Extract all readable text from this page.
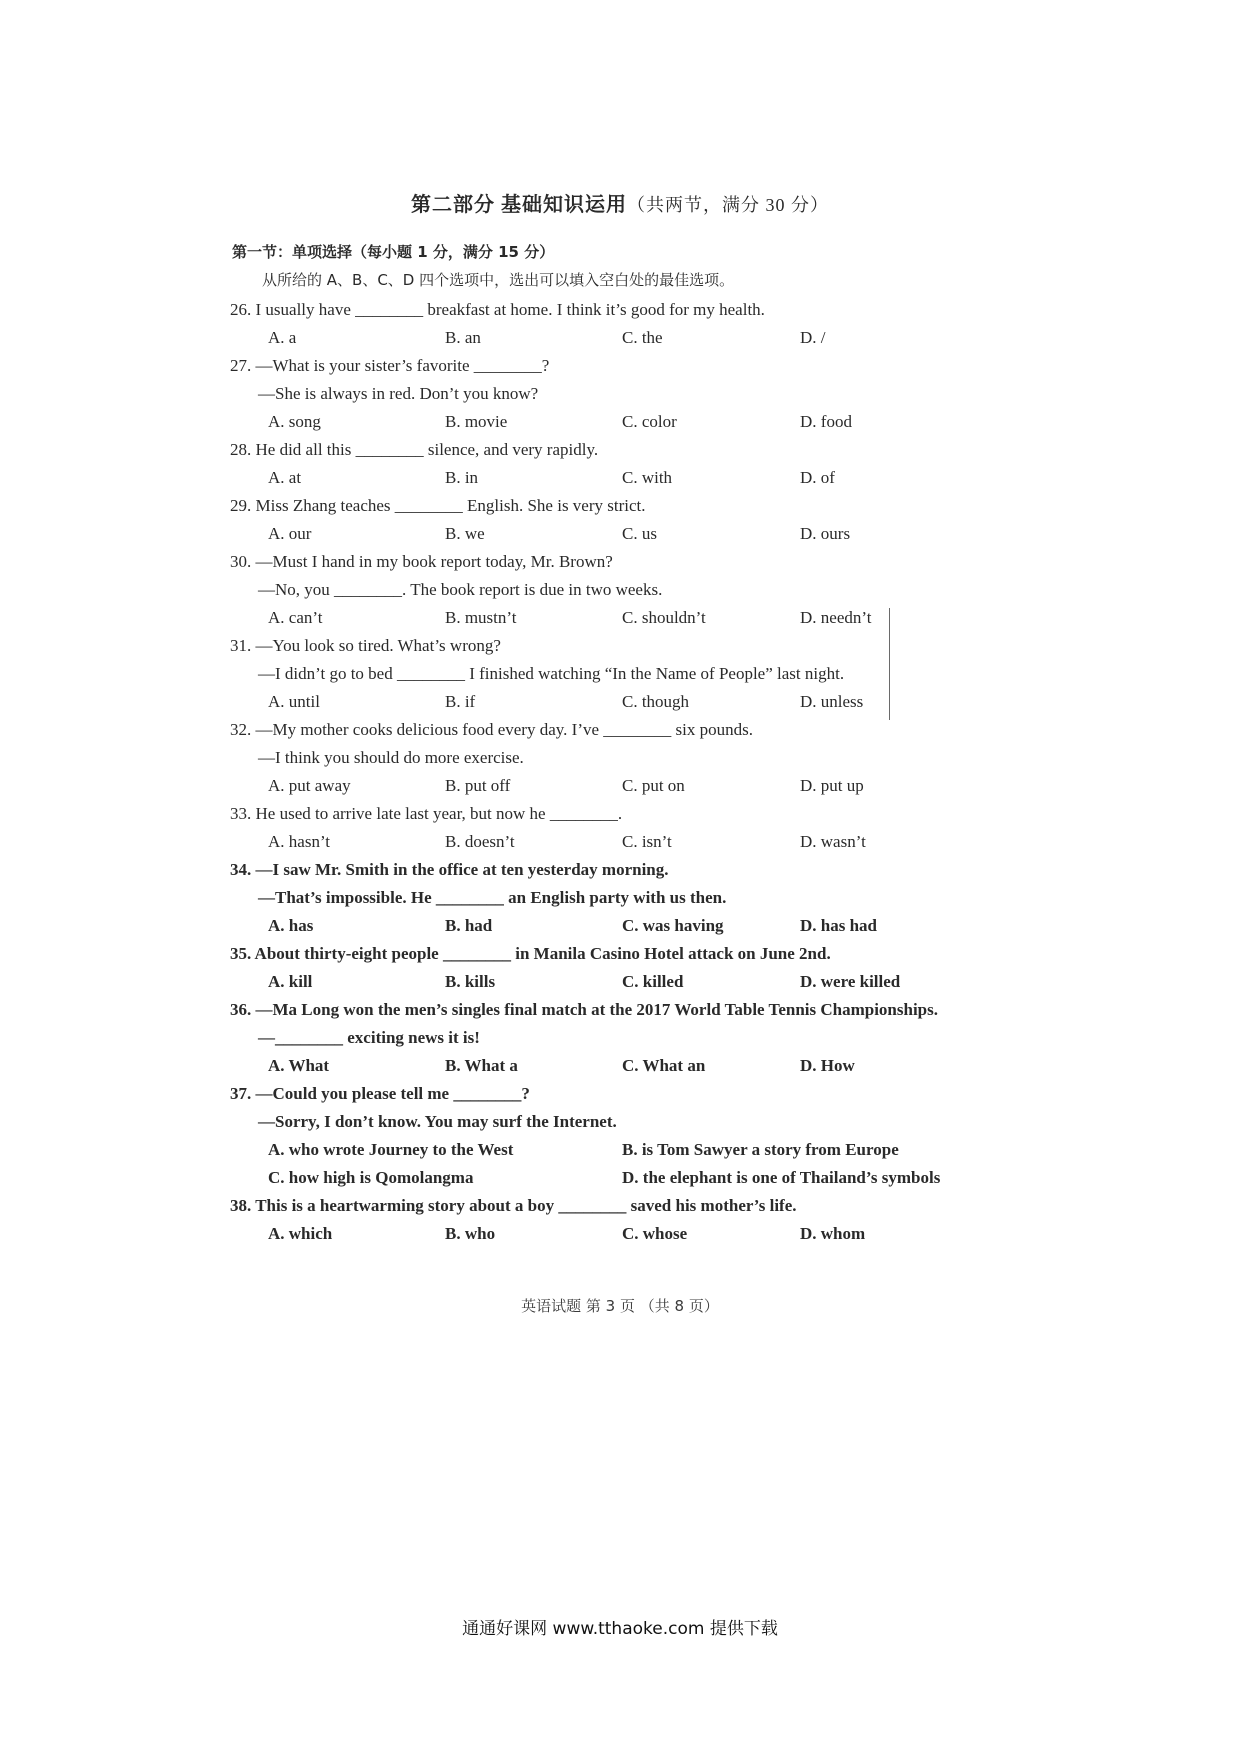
第二部分 基础知识运用（共两节，满分 30 分）
第一节：单项选择（每小题 1 分，满分 15 分）
从所给的 A、B、C、D 四个选项中，选出可以填入空白处的最佳选项。
26. I usually have ________ breakfast at home. I think it’s good for my health.
A. a	B. an	C. the	D. /
27. —What is your sister’s favorite ________?
—She is always in red. Don’t you know?
A. song	B. movie	C. color	D. food
28. He did all this ________ silence, and very rapidly.
A. at	B. in	C. with	D. of
29. Miss Zhang teaches ________ English. She is very strict.
A. our	B. we	C. us	D. ours
30. —Must I hand in my book report today, Mr. Brown?
—No, you ________. The book report is due in two weeks.
A. can’t	B. mustn’t	C. shouldn’t	D. needn’t
31. —You look so tired. What’s wrong?
—I didn’t go to bed ________ I finished watching “In the Name of People” last night.
A. until	B. if	C. though	D. unless
32. —My mother cooks delicious food every day. I’ve ________ six pounds.
—I think you should do more exercise.
A. put away	B. put off	C. put on	D. put up
33. He used to arrive late last year, but now he ________.
A. hasn’t	B. doesn’t	C. isn’t	D. wasn’t
34. —I saw Mr. Smith in the office at ten yesterday morning.
—That’s impossible. He ________ an English party with us then.
A. has	B. had	C. was having	D. has had
35. About thirty-eight people ________ in Manila Casino Hotel attack on June 2nd.
A. kill	B. kills	C. killed	D. were killed
36. —Ma Long won the men’s singles final match at the 2017 World Table Tennis Championships.
—________ exciting news it is!
A. What	B. What a	C. What an	D. How
37. —Could you please tell me ________?
—Sorry, I don’t know. You may surf the Internet.
A. who wrote Journey to the West	B. is Tom Sawyer a story from Europe
C. how high is Qomolangma	D. the elephant is one of Thailand’s symbols
38. This is a heartwarming story about a boy ________ saved his mother’s life.
A. which	B. who	C. whose	D. whom
英语试题 第 3 页 （共 8 页）
通通好课网 www.tthaoke.com 提供下载
